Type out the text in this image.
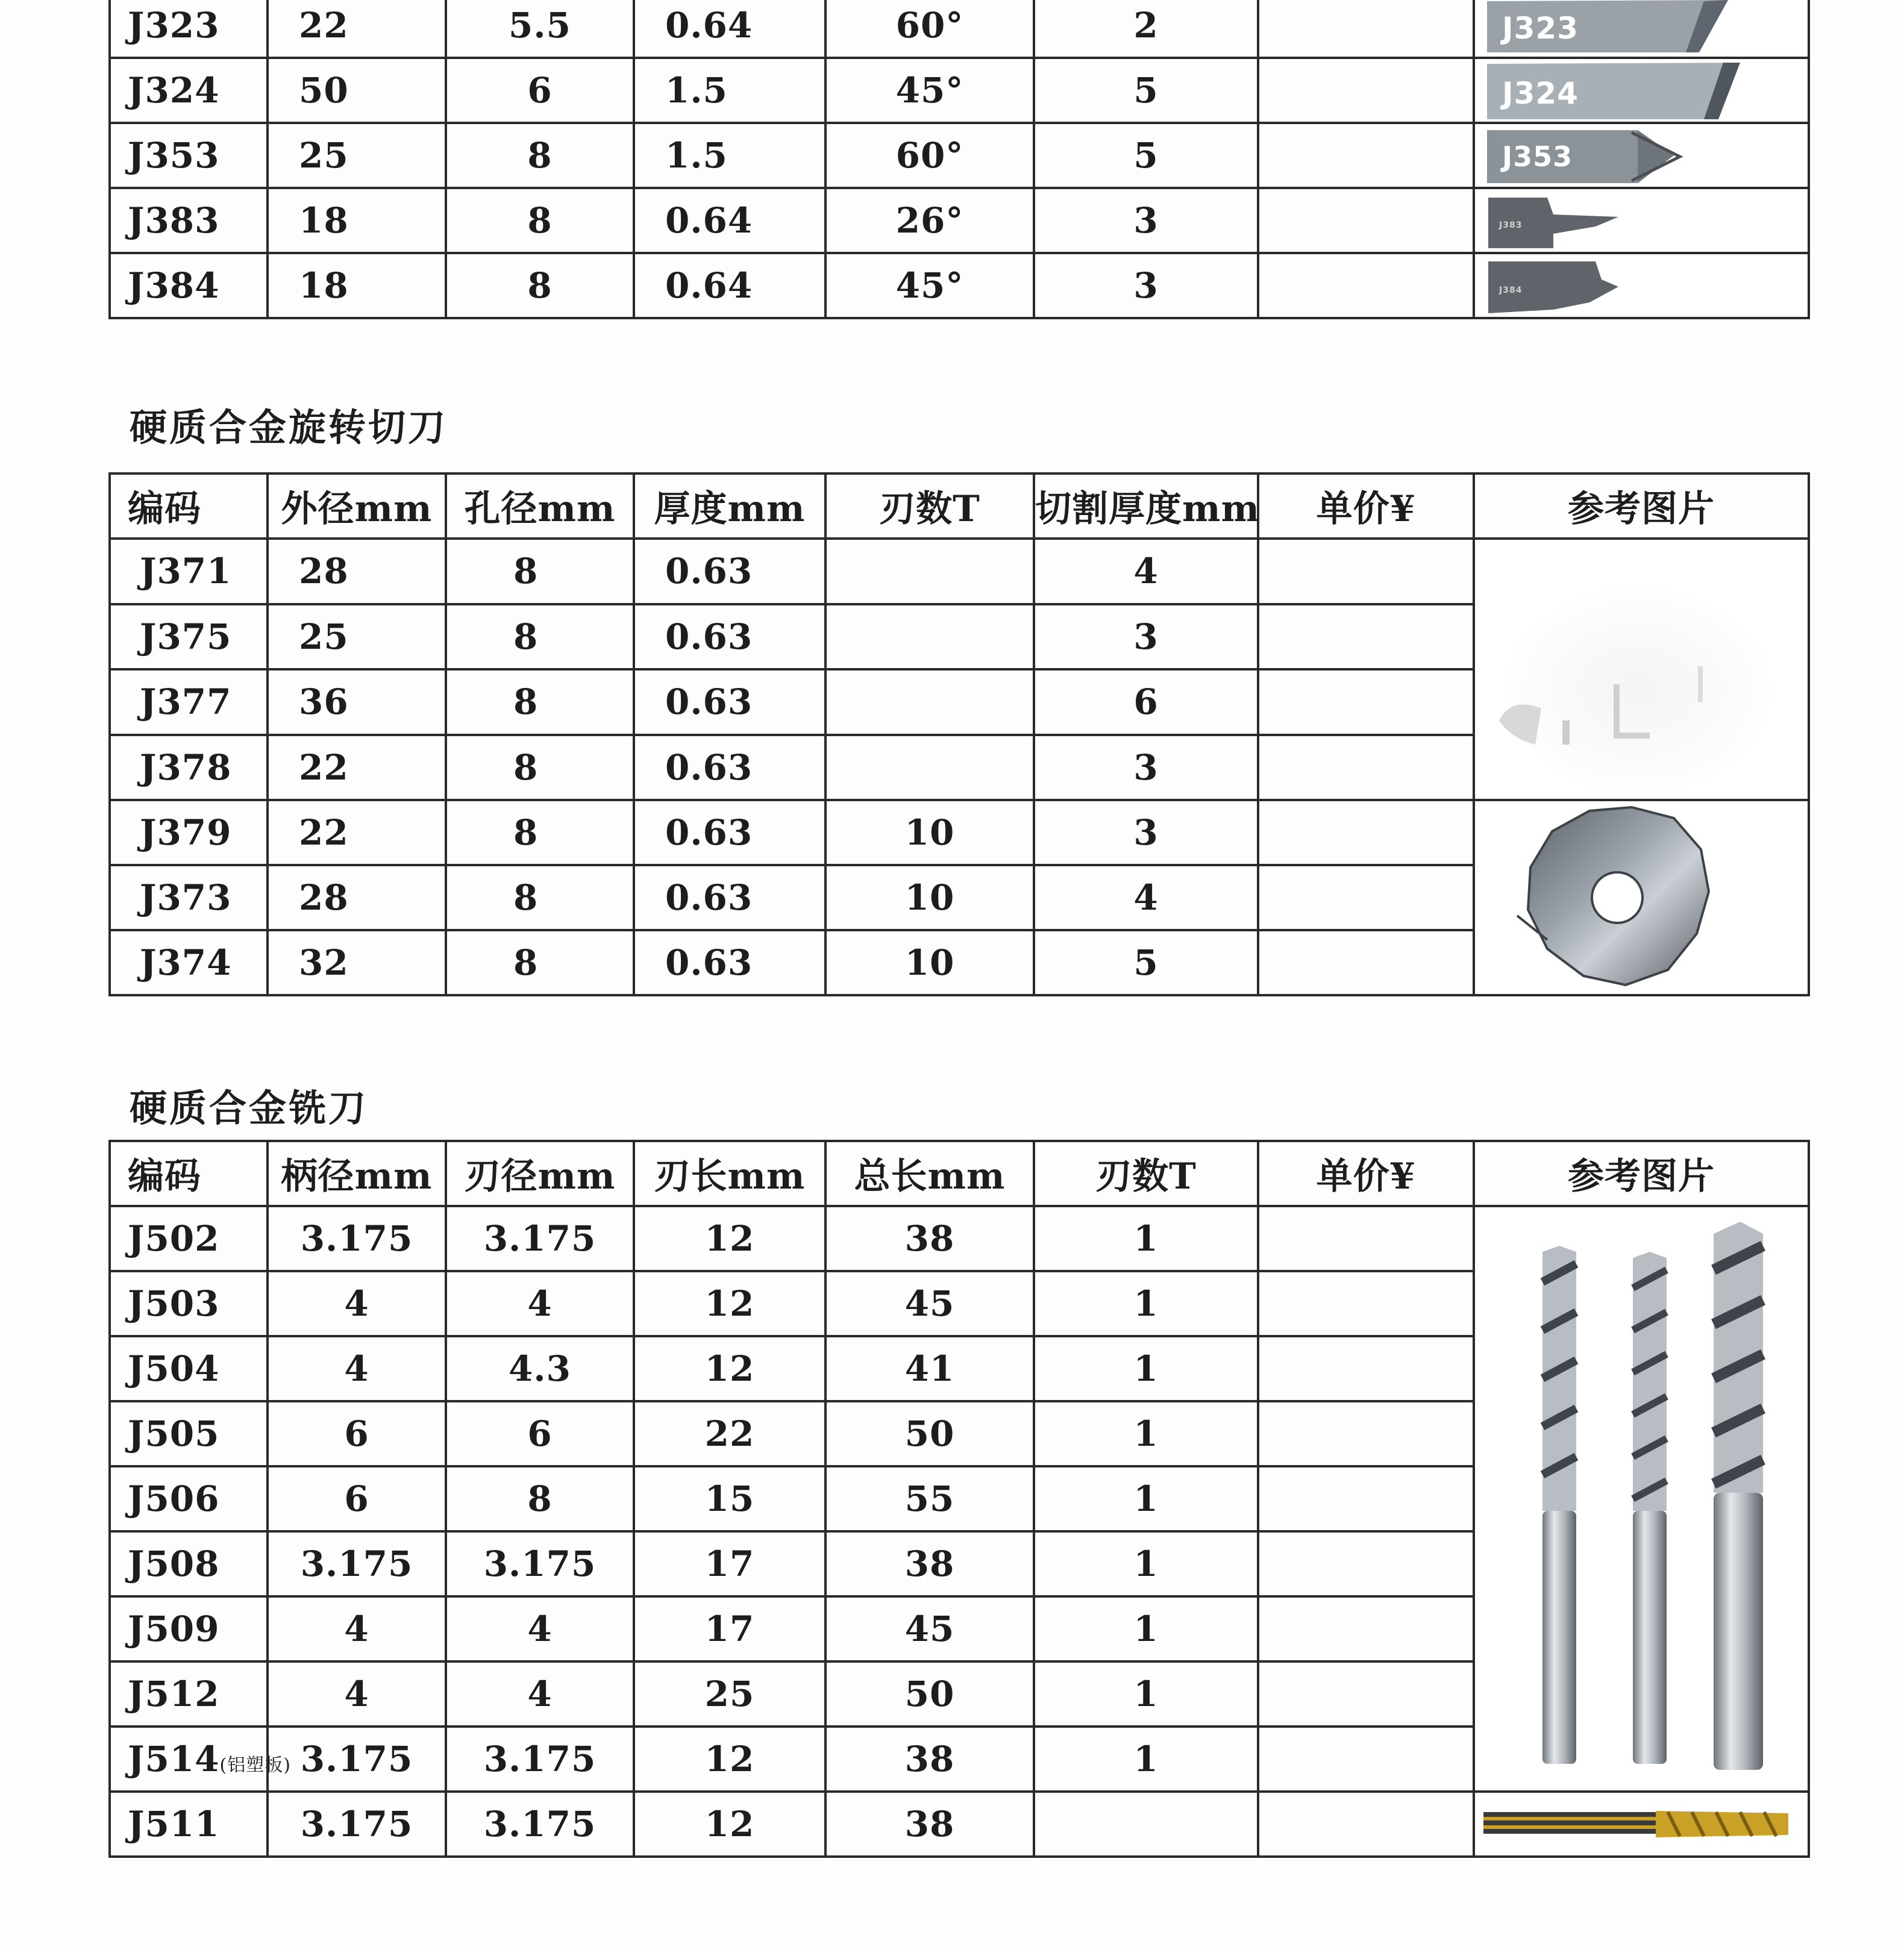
J323	22	5.5	0.64	60°	2		J323

J324	50	6	1.5	45°	5		J324

J353	25	8	1.5	60°	5		J353

J383	18	8	0.64	26°	3		J383

J384	18	8	0.64	45°	3		J384
硬质合金旋转切刀
编码	外径mm	孔径mm	厚度mm	刃数T	切割厚度mm	单价¥	参考图片
J371	28	8	0.63		4		

J375	25	8	0.63		3		
J377	36	8	0.63		6		
J378	22	8	0.63		3		
J379	22	8	0.63	10	3		

J373	28	8	0.63	10	4		
J374	32	8	0.63	10	5		
硬质合金铣刀
编码	柄径mm	刃径mm	刃长mm	总长mm	刃数T	单价¥	参考图片
J502	3.175	3.175	12	38	1		

J503	4	4	12	45	1		
J504	4	4.3	12	41	1		
J505	6	6	22	50	1		
J506	6	8	15	55	1		
J508	3.175	3.175	17	38	1		
J509	4	4	17	45	1		
J512	4	4	25	50	1		
J514(铝塑板)	3.175	3.175	12	38	1		
J511	3.175	3.175	12	38			
